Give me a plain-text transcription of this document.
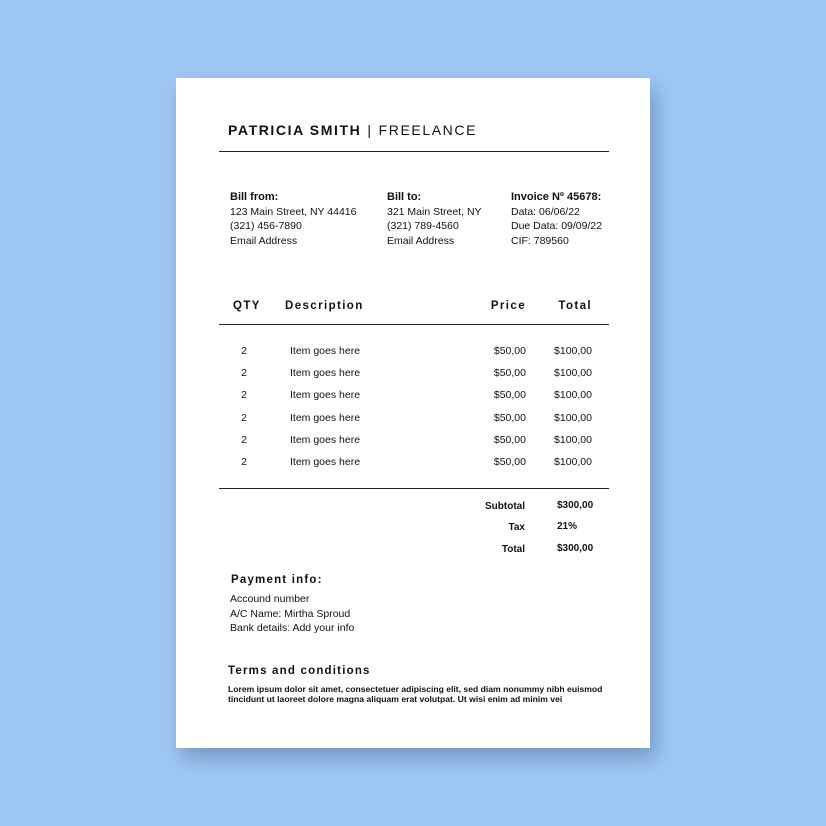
PATRICIA SMITH | FREELANCE
Bill from:
123 Main Street, NY 44416
(321) 456-7890
Email Address
Bill to:
321 Main Street, NY
(321) 789-4560
Email Address
Invoice Nº 45678:
Data: 06/06/22
Due Data: 09/09/22
CIF: 789560
QTY Description	Price	Total
2	Item goes here	$50,00	$100,00
2	Item goes here	$50,00	$100,00
2	Item goes here	$50,00	$100,00
2	Item goes here	$50,00	$100,00
2	Item goes here	$50,00	$100,00
2	Item goes here	$50,00	$100,00
Subtotal	$300,00
Tax	21%
Total	$300,00
Payment info:
Accound number
A/C Name: Mirtha Sproud
Bank details: Add your info
Terms and conditions
Lorem ipsum dolor sit amet, consectetuer adipiscing elit, sed diam nonummy nibh euismod
tincidunt ut laoreet dolore magna aliquam erat volutpat. Ut wisi enim ad minim vei
